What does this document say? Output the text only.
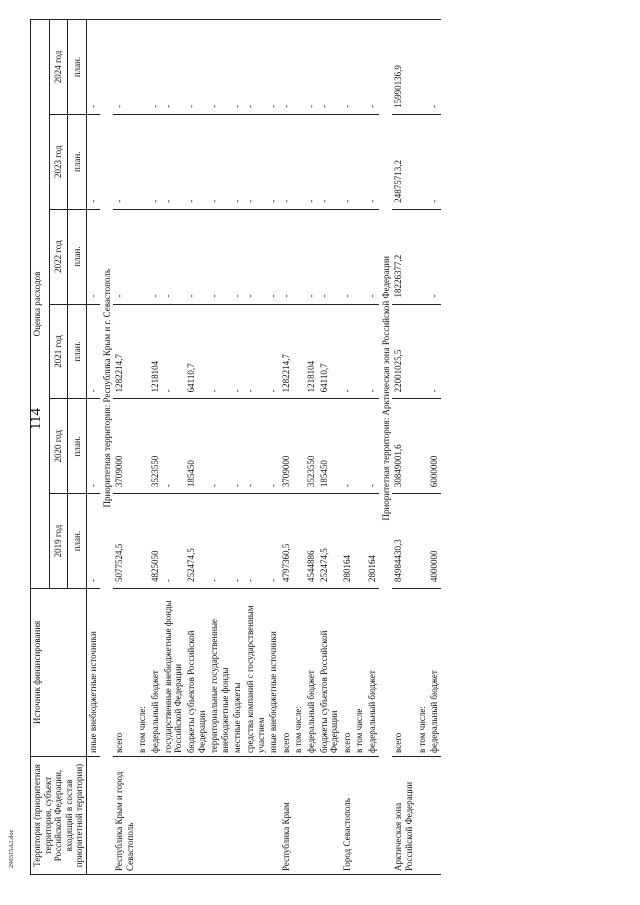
114
Территория (приоритетная территория, субъект Российской Федерации, входящий в состав приоритетной территории)	Источник финансирования	Оценка расходов					
		2019 год	2020 год	2021 год	2022 год	2023 год	2024 год
		план.	план.	план.	план.	план.	план.
	иные внебюджетные источники	-	-	-	-	-	-
	Приоритетная территория: Республика Крым и г. Севастополь						
Республика Крым и город Севастополь	всего	5077524,5	3709000	1282214,7	-	-	-
	в том числе:						
	федеральный бюджет	4825050	3523550	1218104	-	-	-
	государственные внебюджетные фонды Российской Федерации	-	-	-	-	-	-
	бюджеты субъектов Российской Федерации	252474,5	185450	64110,7	-	-	-
	территориальные государственные внебюджетные фонды	-	-	-	-	-	-
	местные бюджеты	-	-	-	-	-	-
	средства компаний с государственным участием	-	-	-	-	-	-
	иные внебюджетные источники	-	-	-	-	-	-
Республика Крым	всего	4797360,5	3709000	1282214,7	-	-	-
	в том числе:						
	федеральный бюджет	4544886	3523550	1218104	-	-	-
	бюджеты субъектов Российской Федерации	252474,5	185450	64110,7	-	-	-
Город Севастополь	всего	280164	-	-	-	-	-
	в том числе						
	федеральный бюджет	280164	-	-	-	-	-
	Приоритетная территория: Арктическая зона Российской Федерации						
Арктическая зона Российской Федерации	всего	84984430,3	30849001,6	22001025,5	18226377,2	24875713,2	15990136,9
	в том числе:						
	федеральный бюджет	4000000	6000000	-	-	-	-
290315A2.doc
